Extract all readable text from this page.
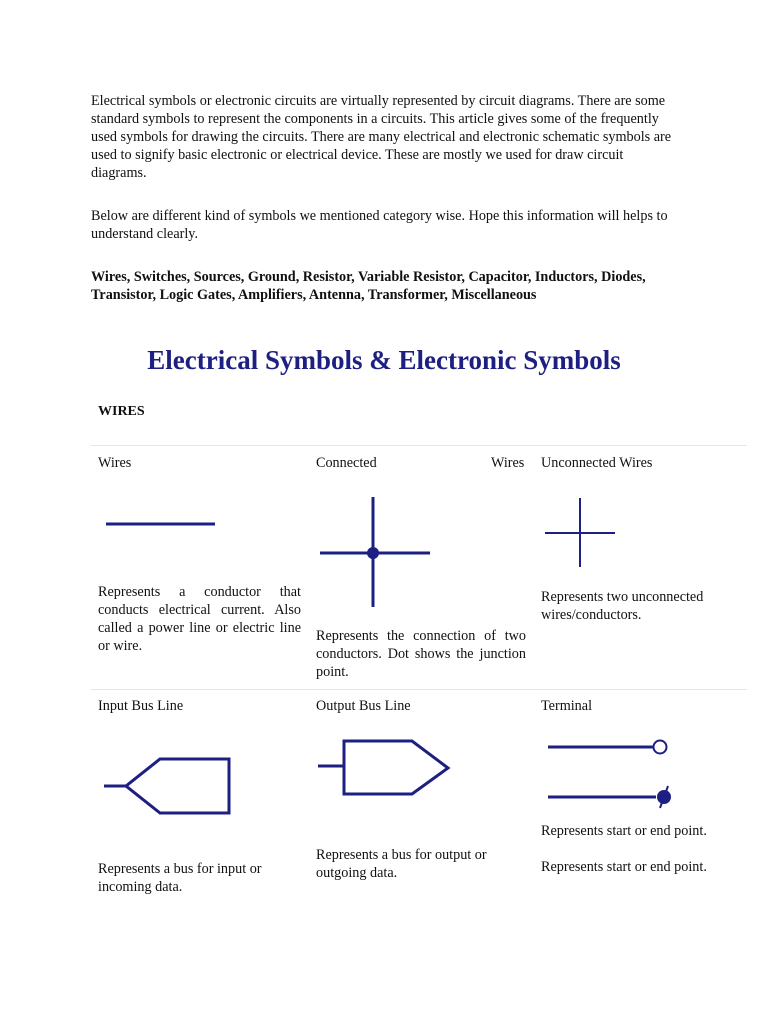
Electrical symbols or electronic circuits are virtually represented by circuit diagrams. There are some standard symbols to represent the components in a circuits. This article gives some of the frequently used symbols for drawing the circuits. There are many electrical and electronic schematic symbols are used to signify basic electronic or electrical device. These are mostly we used for draw circuit diagrams.
Below are different kind of symbols we mentioned category wise. Hope this information will helps to understand clearly.
Wires, Switches, Sources, Ground, Resistor, Variable Resistor, Capacitor, Inductors, Diodes, Transistor, Logic Gates, Amplifiers, Antenna, Transformer, Miscellaneous
Electrical Symbols & Electronic Symbols
WIRES
Wires
Represents a conductor that conducts electrical current. Also called a power line or electric line or wire.
Connected	Wires
Represents the connection of two conductors. Dot shows the junction point.
Unconnected Wires
Represents two unconnected wires/conductors.
Input Bus Line
Represents a bus for input or incoming data.
Output Bus Line
Represents a bus for output or outgoing data.
Terminal
Represents start or end point.
Represents start or end point.
